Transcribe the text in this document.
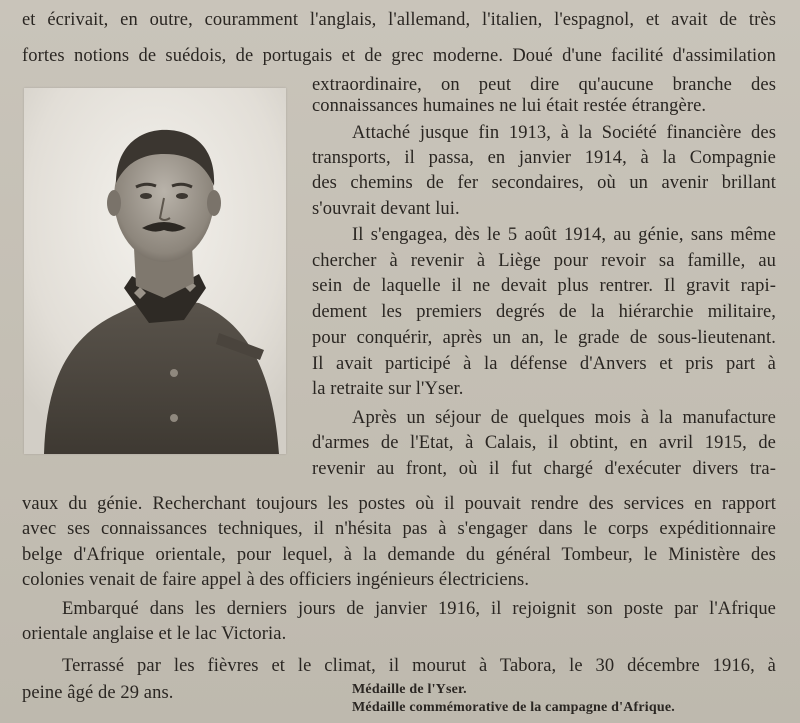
et écrivait, en outre, couramment l'anglais, l'allemand, l'italien, l'espagnol, et avait de très
fortes notions de suédois, de portugais et de grec moderne. Doué d'une facilité d'assimilation
extraordinaire, on peut dire qu'aucune branche des
connaissances humaines ne lui était restée étrangère.
Attaché jusque fin 1913, à la Société financière des
transports, il passa, en janvier 1914, à la Compagnie
des chemins de fer secondaires, où un avenir brillant
s'ouvrait devant lui.
Il s'engagea, dès le 5 août 1914, au génie, sans même
chercher à revenir à Liège pour revoir sa famille, au
sein de laquelle il ne devait plus rentrer. Il gravit rapi-
dement les premiers degrés de la hiérarchie militaire,
pour conquérir, après un an, le grade de sous-lieutenant.
Il avait participé à la défense d'Anvers et pris part à
la retraite sur l'Yser.
Après un séjour de quelques mois à la manufacture
d'armes de l'Etat, à Calais, il obtint, en avril 1915, de
revenir au front, où il fut chargé d'exécuter divers tra-
vaux du génie. Recherchant toujours les postes où il pouvait rendre des services en rapport
avec ses connaissances techniques, il n'hésita pas à s'engager dans le corps expéditionnaire
belge d'Afrique orientale, pour lequel, à la demande du général Tombeur, le Ministère des
colonies venait de faire appel à des officiers ingénieurs électriciens.
Embarqué dans les derniers jours de janvier 1916, il rejoignit son poste par l'Afrique
orientale anglaise et le lac Victoria.
Terrassé par les fièvres et le climat, il mourut à Tabora, le 30 décembre 1916, à
peine âgé de 29 ans.	Médaille de l'Yser.
Médaille commémorative de la campagne d'Afrique.
